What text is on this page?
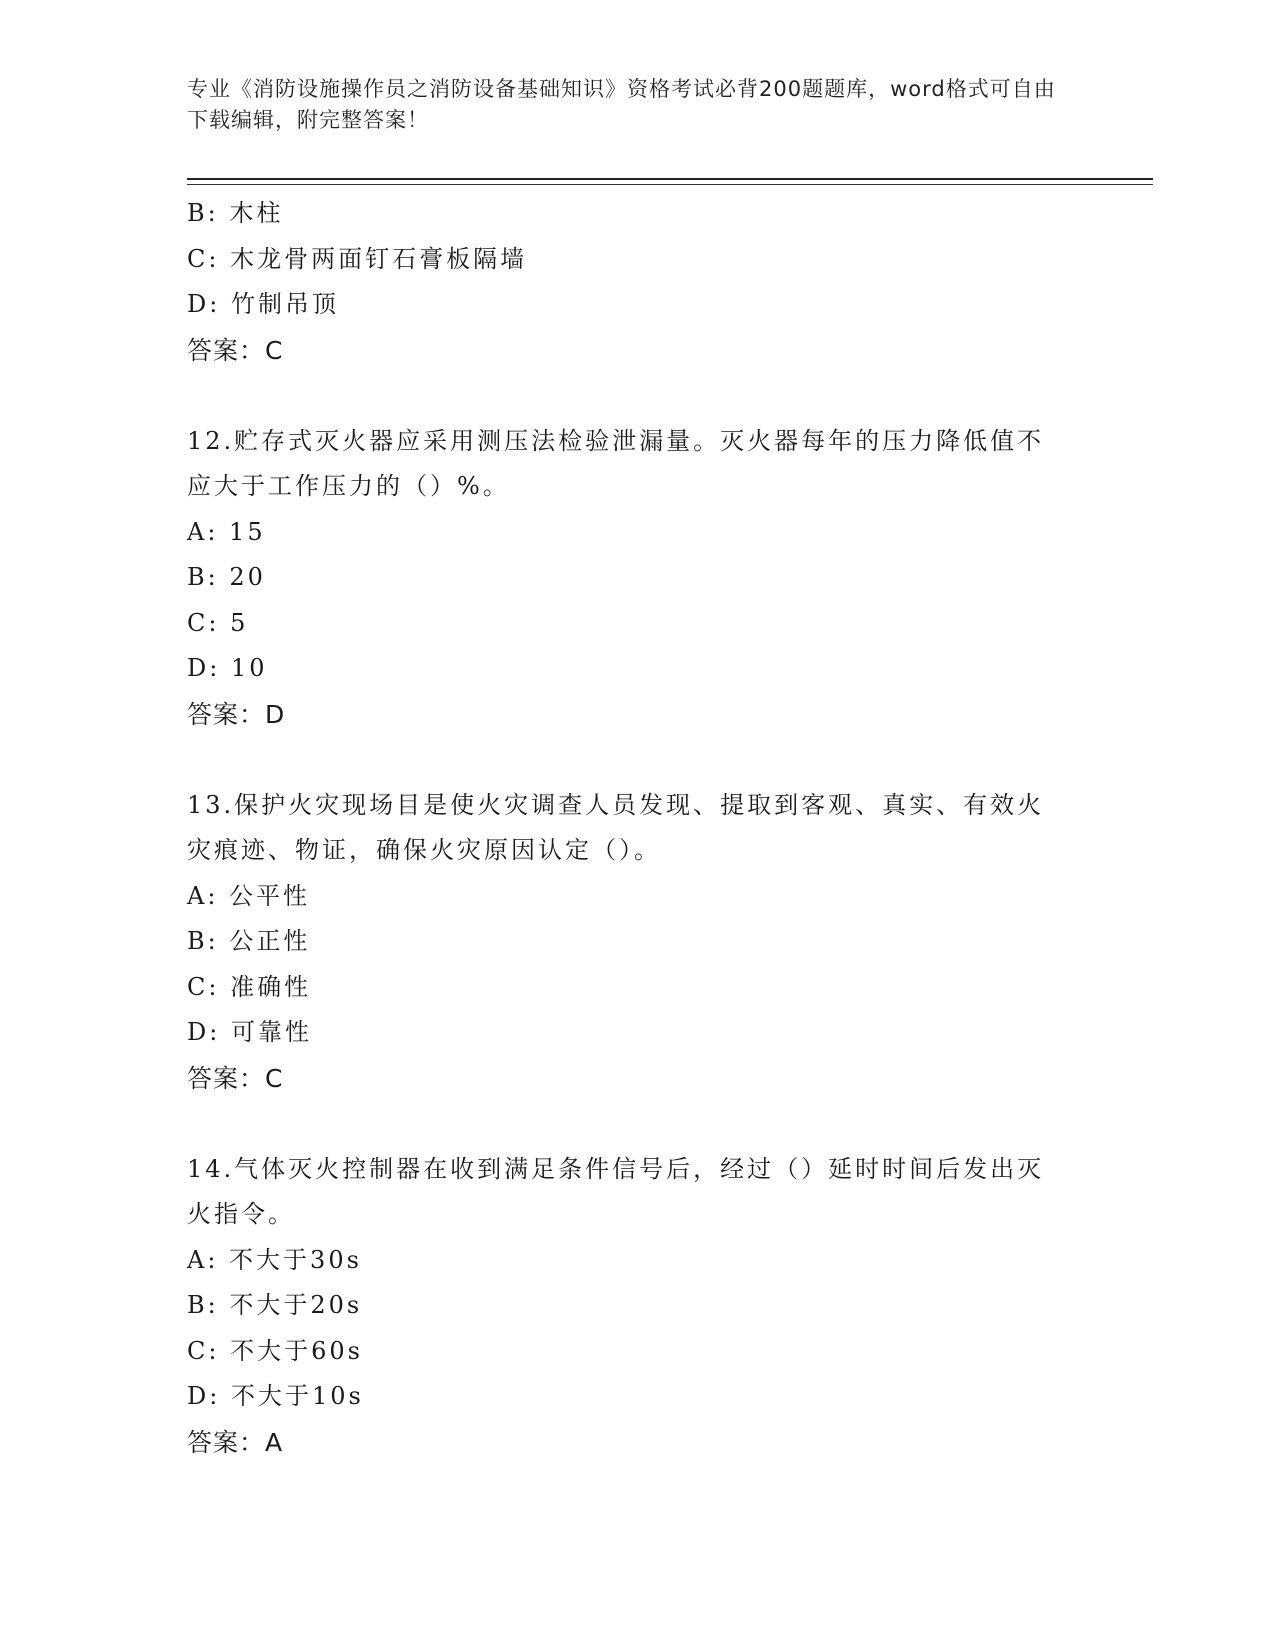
专业《消防设施操作员之消防设备基础知识》资格考试必背200题题库，word格式可自由下载编辑，附完整答案！
B: 木柱
C: 木龙骨两面钉石膏板隔墙
D: 竹制吊顶
答案：C
12.贮存式灭火器应采用测压法检验泄漏量。灭火器每年的压力降低值不应大于工作压力的（）%。
A: 15
B: 20
C: 5
D: 10
答案：D
13.保护火灾现场目是使火灾调查人员发现、提取到客观、真实、有效火灾痕迹、物证，确保火灾原因认定（）。
A: 公平性
B: 公正性
C: 准确性
D: 可靠性
答案：C
14.气体灭火控制器在收到满足条件信号后，经过（）延时时间后发出灭火指令。
A: 不大于30s
B: 不大于20s
C: 不大于60s
D: 不大于10s
答案：A
